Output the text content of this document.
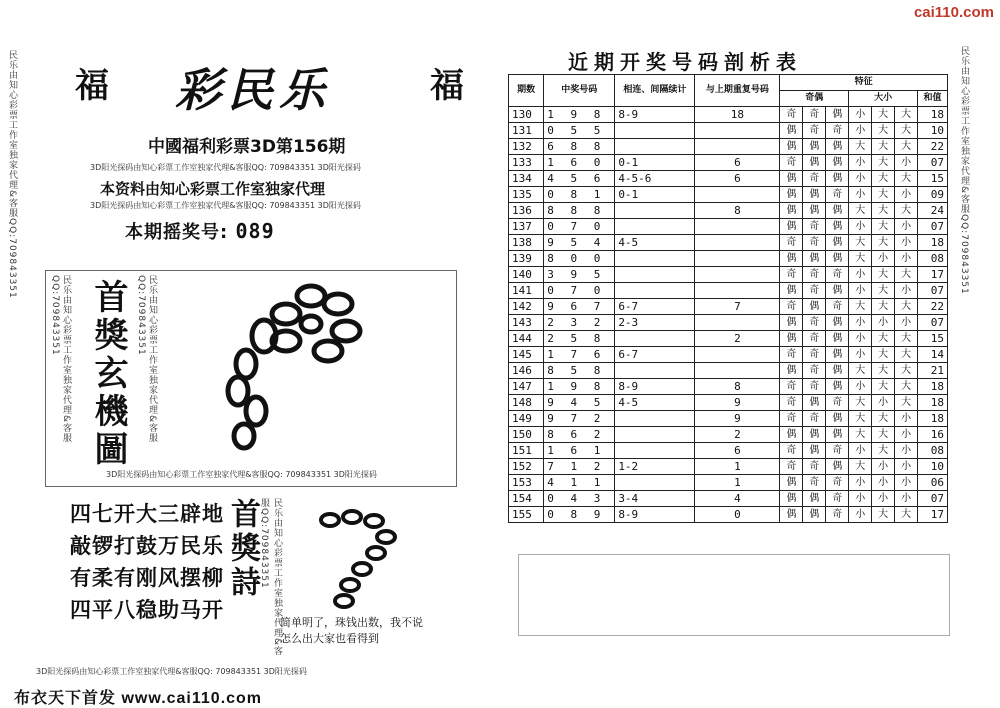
cai110.com
福 彩民乐	福
中國福利彩票3D第156期
3D阳光探码由知心彩票工作室独家代理&客服QQ: 709843351 3D阳光探码
本资料由知心彩票工作室独家代理
3D阳光探码由知心彩票工作室独家代理&客服QQ: 709843351 3D阳光探码
本期摇奖号: 089
民乐由知心彩票工作室独家代理&客服QQ:709843351
民乐由知心彩票工作室独家代理&客服QQ:709843351	民乐由知心彩票工作室独家代理&客服QQ:709843351
首獎玄機圖
3D阳光探码由知心彩票工作室独家代理&客服QQ: 709843351 3D阳光探码
四七开大三辟地
敲锣打鼓万民乐
有柔有刚风摆柳
四平八稳助马开	民乐由知心彩票工作室独家代理&客服QQ:709843351
首獎詩
简单明了，珠钱出数，我不说
怎么出大家也看得到
3D阳光探码由知心彩票工作室独家代理&客服QQ: 709843351 3D阳光探码
布衣天下首发 www.cai110.com
近期开奖号码剖析表
期数	中奖号码	相连、间隔续计	与上期重复号码	特征						
				奇偶			大小			和值
130	1 9 8	8-9	18	奇	奇	偶	小	大	大	18
131	0 5 5			偶	奇	奇	小	大	大	10
132	6 8 8			偶	偶	偶	大	大	大	22
133	1 6 0	0-1	6	奇	偶	偶	小	大	小	07
134	4 5 6	4-5-6	6	偶	奇	偶	小	大	大	15
135	0 8 1	0-1		偶	偶	奇	小	大	小	09
136	8 8 8		8	偶	偶	偶	大	大	大	24
137	0 7 0			偶	奇	偶	小	大	小	07
138	9 5 4	4-5		奇	奇	偶	大	大	小	18
139	8 0 0			偶	偶	偶	大	小	小	08
140	3 9 5			奇	奇	奇	小	大	大	17
141	0 7 0			偶	奇	偶	小	大	小	07
142	9 6 7	6-7	7	奇	偶	奇	大	大	大	22
143	2 3 2	2-3		偶	奇	偶	小	小	小	07
144	2 5 8		2	偶	奇	偶	小	大	大	15
145	1 7 6	6-7		奇	奇	偶	小	大	大	14
146	8 5 8			偶	奇	偶	大	大	大	21
147	1 9 8	8-9	8	奇	奇	偶	小	大	大	18
148	9 4 5	4-5	9	奇	偶	奇	大	小	大	18
149	9 7 2		9	奇	奇	偶	大	大	小	18
150	8 6 2		2	偶	偶	偶	大	大	小	16
151	1 6 1		6	奇	偶	奇	小	大	小	08
152	7 1 2	1-2	1	奇	奇	偶	大	小	小	10
153	4 1 1		1	偶	奇	奇	小	小	小	06
154	0 4 3	3-4	4	偶	偶	奇	小	小	小	07
155	0 8 9	8-9	0	偶	偶	奇	小	大	大	17
民乐由知心彩票工作室独家代理&客服QQ:709843351
